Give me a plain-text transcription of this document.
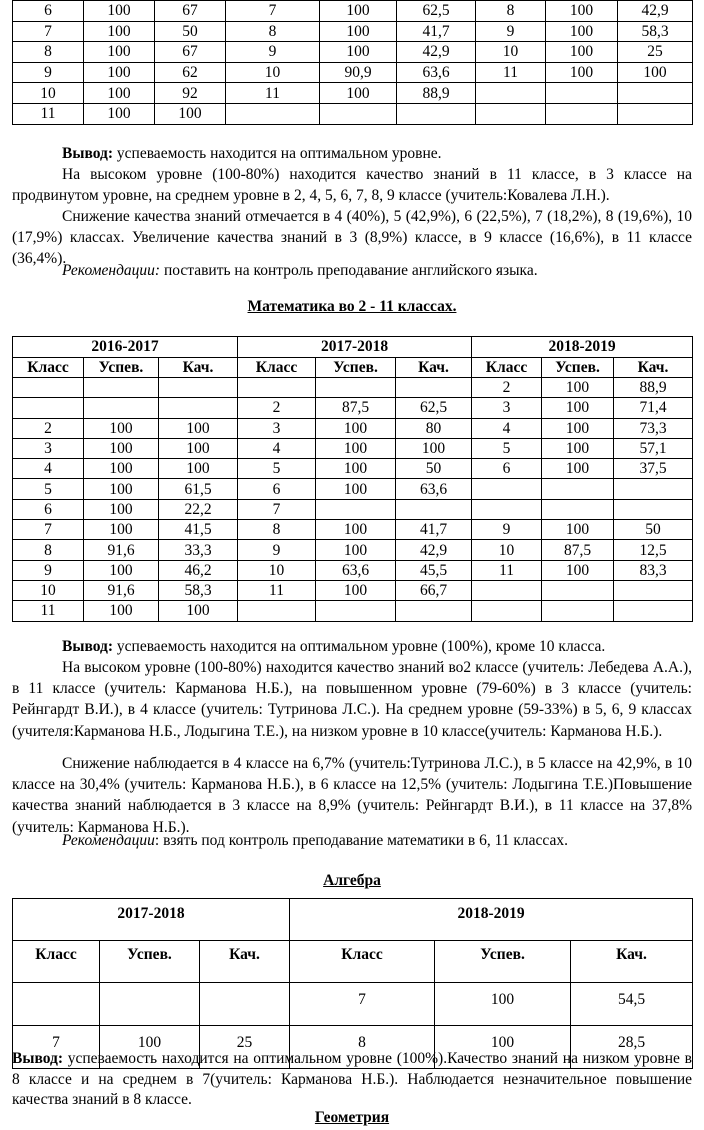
6	100	67	7	100	62,5	8	100	42,9
7	100	50	8	100	41,7	9	100	58,3
8	100	67	9	100	42,9	10	100	25
9	100	62	10	90,9	63,6	11	100	100
10	100	92	11	100	88,9			
11	100	100						

Вывод: успеваемость находится на оптимальном уровне.

На высоком уровне (100-80%) находится качество знаний в 11 классе, в 3 классе на продвинутом уровне, на среднем уровне в 2, 4, 5, 6, 7, 8, 9 классе (учитель:Ковалева Л.Н.).

Снижение качества знаний отмечается в 4 (40%), 5 (42,9%), 6 (22,5%), 7 (18,2%), 8 (19,6%), 10 (17,9%) классах. Увеличение качества знаний в 3 (8,9%) классе, в 9 классе (16,6%), в 11 классе (36,4%).

Рекомендации: поставить на контроль преподавание английского языка.

Математика во 2 - 11 классах.

2016-2017			2017-2018			2018-2019		
Класс	Успев.	Кач.	Класс	Успев.	Кач.	Класс	Успев.	Кач.
						2	100	88,9
			2	87,5	62,5	3	100	71,4
2	100	100	3	100	80	4	100	73,3
3	100	100	4	100	100	5	100	57,1
4	100	100	5	100	50	6	100	37,5
5	100	61,5	6	100	63,6			
6	100	22,2	7					
7	100	41,5	8	100	41,7	9	100	50
8	91,6	33,3	9	100	42,9	10	87,5	12,5
9	100	46,2	10	63,6	45,5	11	100	83,3
10	91,6	58,3	11	100	66,7			
11	100	100						

Вывод: успеваемость находится на оптимальном уровне (100%), кроме 10 класса.

На высоком уровне (100-80%) находится качество знаний во2 классе (учитель: Лебедева А.А.), в 11 классе (учитель: Карманова Н.Б.), на повышенном уровне (79-60%) в 3 классе (учитель: Рейнгардт В.И.), в 4 классе (учитель: Тутринова Л.С.). На среднем уровне (59-33%) в 5, 6, 9 классах (учителя:Карманова Н.Б., Лодыгина Т.Е.), на низком уровне в 10 классе(учитель: Карманова Н.Б.).

Снижение наблюдается в 4 классе на 6,7% (учитель:Тутринова Л.С.), в 5 классе на 42,9%, в 10 классе на 30,4% (учитель: Карманова Н.Б.), в 6 классе на 12,5% (учитель: Лодыгина Т.Е.)Повышение качества знаний наблюдается в 3 классе на 8,9% (учитель: Рейнгардт В.И.), в 11 классе на 37,8% (учитель: Карманова Н.Б.).

Рекомендации: взять под контроль преподавание математики в 6, 11 классах.

Алгебра

2017-2018			2018-2019		
Класс	Успев.	Кач.	Класс	Успев.	Кач.
			7	100	54,5
7	100	25	8	100	28,5

Вывод: успеваемость находится на оптимальном уровне (100%).Качество знаний на низком уровне в 8 классе и на среднем в 7(учитель: Карманова Н.Б.). Наблюдается незначительное повышение качества знаний в 8 классе.

Геометрия
